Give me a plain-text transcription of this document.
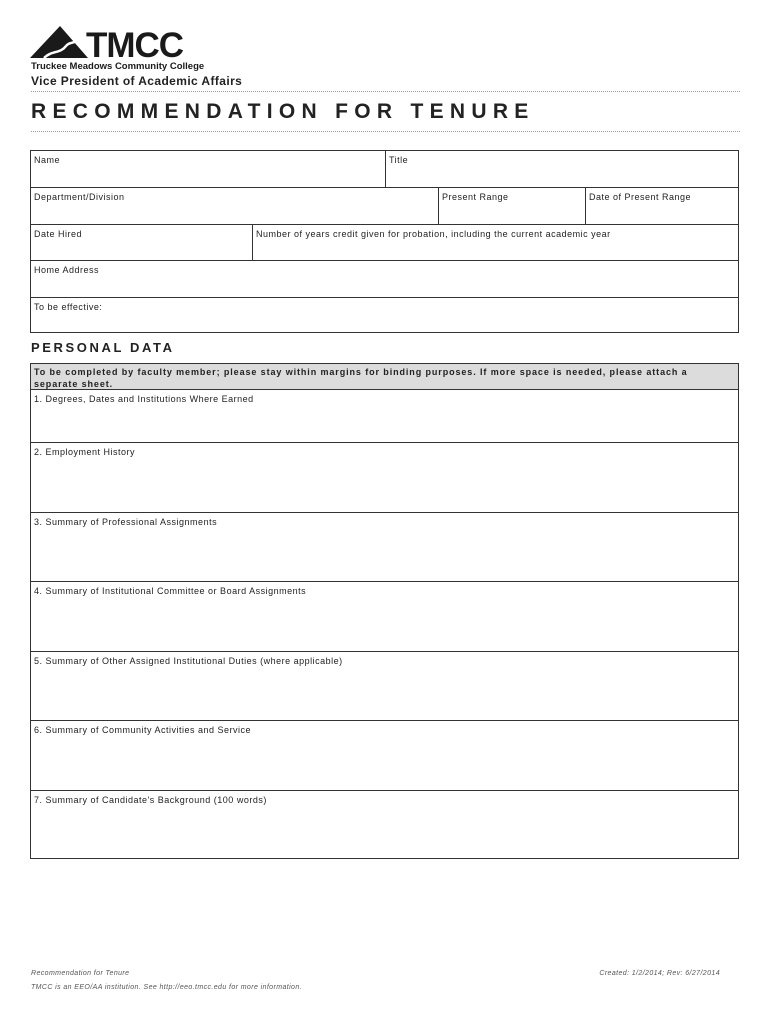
TMCC
Truckee Meadows Community College
Vice President of Academic Affairs
RECOMMENDATION FOR TENURE
Name	Title
Department/Division	Present Range	Date of Present Range
Date Hired	Number of years credit given for probation, including the current academic year
Home Address
To be effective:
PERSONAL DATA
To be completed by faculty member; please stay within margins for binding purposes. If more space is needed, please attach a separate sheet.
1. Degrees, Dates and Institutions Where Earned
2. Employment History
3. Summary of Professional Assignments
4. Summary of Institutional Committee or Board Assignments
5. Summary of Other Assigned Institutional Duties (where applicable)
6. Summary of Community Activities and Service
7. Summary of Candidate's Background (100 words)
Recommendation for Tenure	Created: 1/2/2014; Rev: 6/27/2014
TMCC is an EEO/AA institution. See http://eeo.tmcc.edu for more information.
